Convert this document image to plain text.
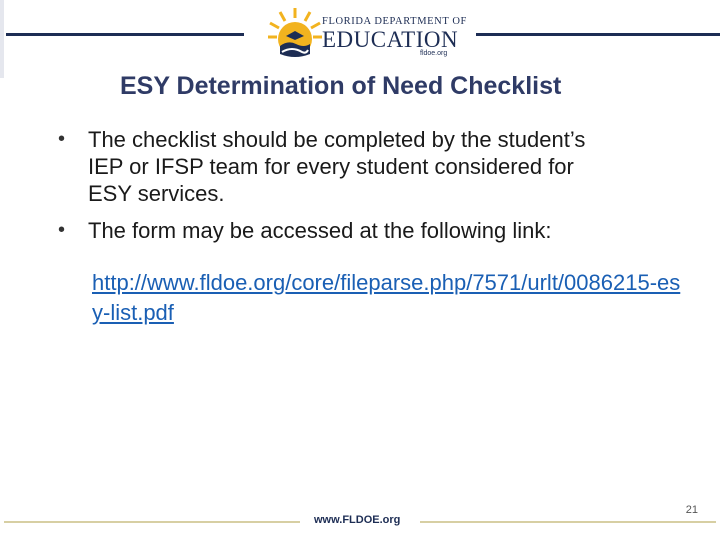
FLORIDA DEPARTMENT OF
EDUCATION
fldoe.org
ESY Determination of Need Checklist
• The checklist should be completed by the student’s IEP or IFSP team for every student considered for ESY services.
• The form may be accessed at the following link:
http://www.fldoe.org/core/fileparse.php/7571/urlt/0086215-esy-list.pdf
www.FLDOE.org
21
